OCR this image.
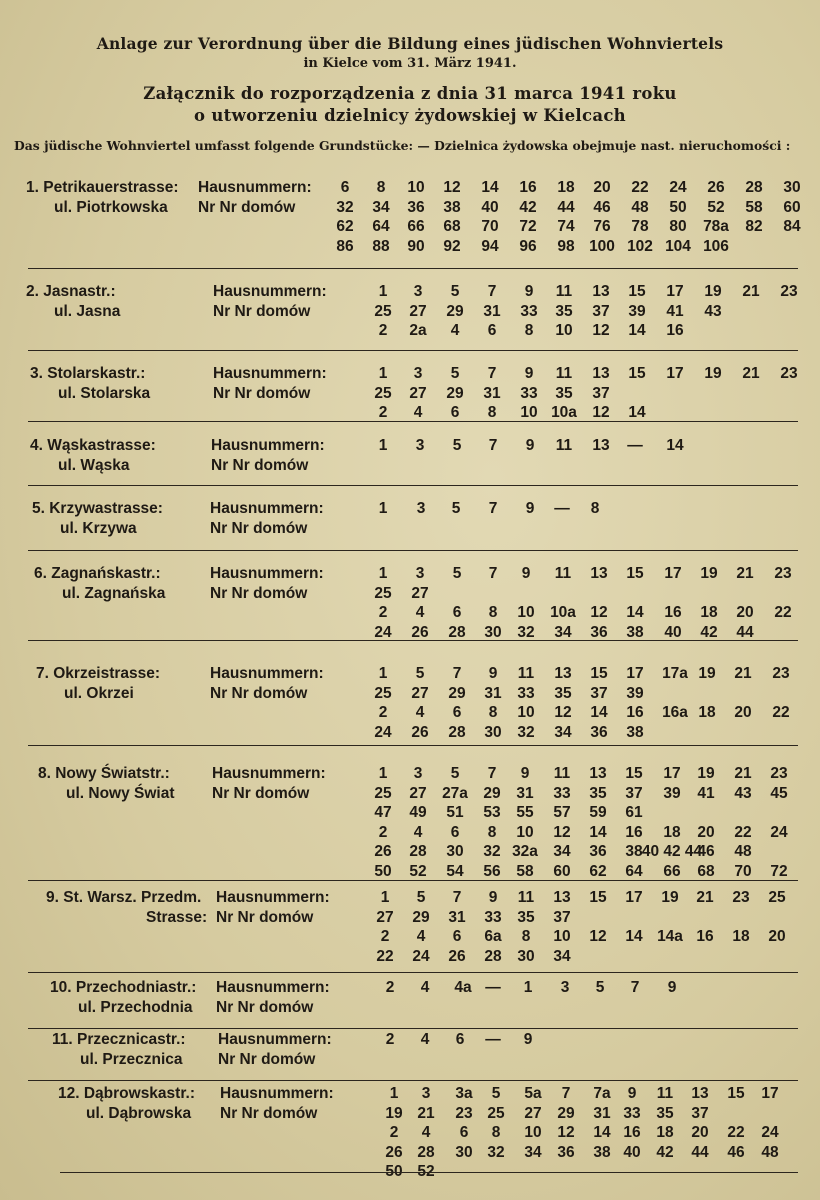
Anlage zur Verordnung über die Bildung eines jüdischen Wohnviertels
in Kielce vom 31. März 1941.
Załącznik do rozporządzenia z dnia 31 marca 1941 roku
o utworzeniu dzielnicy żydowskiej w Kielcach
Das jüdische Wohnviertel umfasst folgende Grundstücke: — Dzielnica żydowska obejmuje nast. nieruchomości :
1. Petrikauerstrasse:
ul. Piotrkowska
Hausnummern:
Nr Nr domów
6	8	10	12	14	16	18	20	22	24	26	28	30
32	34	36	38	40	42	44	46	48	50	52	58	60
62	64	66	68	70	72	74	76	78	80	78a	82	84
86	88	90	92	94	96	98 100 102 104 106
2. Jasnastr.:
ul. Jasna
Hausnummern:
Nr Nr domów
1	3	5	7	9	11	13	15	17	19	21	23
25	27	29	31	33	35	37	39	41	43
2	2a	4	6	8	10	12	14	16
3. Stolarskastr.:
ul. Stolarska
Hausnummern:
Nr Nr domów
1	3	5	7	9	11	13	15	17	19	21	23
25	27	29	31	33	35	37
2	4	6	8	10 10a 12	14
4. Wąskastrasse:
ul. Wąska
Hausnummern:
Nr Nr domów
1	3	5	7	9	11	13	—	14
5. Krzywastrasse:
ul. Krzywa
Hausnummern:
Nr Nr domów
1	3	5	7	9	—	8
6. Zagnańskastr.:
ul. Zagnańska
Hausnummern:
Nr Nr domów
1	3	5	7	9	11	13	15	17	19	21	23
25	27
2	4	6	8	10 10a 12	14	16	18	20	22
24	26	28	30	32	34	36	38	40	42	44
7. Okrzeistrasse:
ul. Okrzei
Hausnummern:
Nr Nr domów
1	5	7	9	11	13	15	17	17a 19	21	23
25	27	29	31	33	35	37	39
2	4	6	8	10	12	14	16	16a 18	20	22
24	26	28	30	32	34	36	38
8. Nowy Światstr.:
ul. Nowy Świat
Hausnummern:
Nr Nr domów
1	3	5	7	9	11	13	15	17	19	21	23
25	27 27a 29	31	33	35	37	39	41	43	45
47	49	51	53	55	57	59	61
2	4	6	8	10	12	14	16	18	20	22	24
26	28	30	32 32a 34	36	38 40 42 44
46	48
50	52	54	56	58	60	62	64	66	68	70	72
9. St. Warsz. Przedm.
Strasse:
Hausnummern:
Nr Nr domów
1	5	7	9	11	13	15	17	19	21	23	25
27	29	31	33	35	37
2	4	6	6a	8	10	12	14 14a 16	18	20
22	24	26	28	30	34
10. Przechodniastr.:
ul. Przechodnia
Hausnummern:
Nr Nr domów
2	4	4a —	1	3	5	7	9
11. Przecznicastr.:
ul. Przecznica
Hausnummern:
Nr Nr domów
2	4	6	—	9
12. Dąbrowskastr.:
ul. Dąbrowska
Hausnummern:
Nr Nr domów
1	3	3a	5	5a	7	7a	9	11	13	15	17
19 21	23 25	27	29	31 33	35	37
2	4	6	8	10	12	14 16	18	20	22	24
26 28	30 32	34	36	38 40	42	44	46	48
50 52
